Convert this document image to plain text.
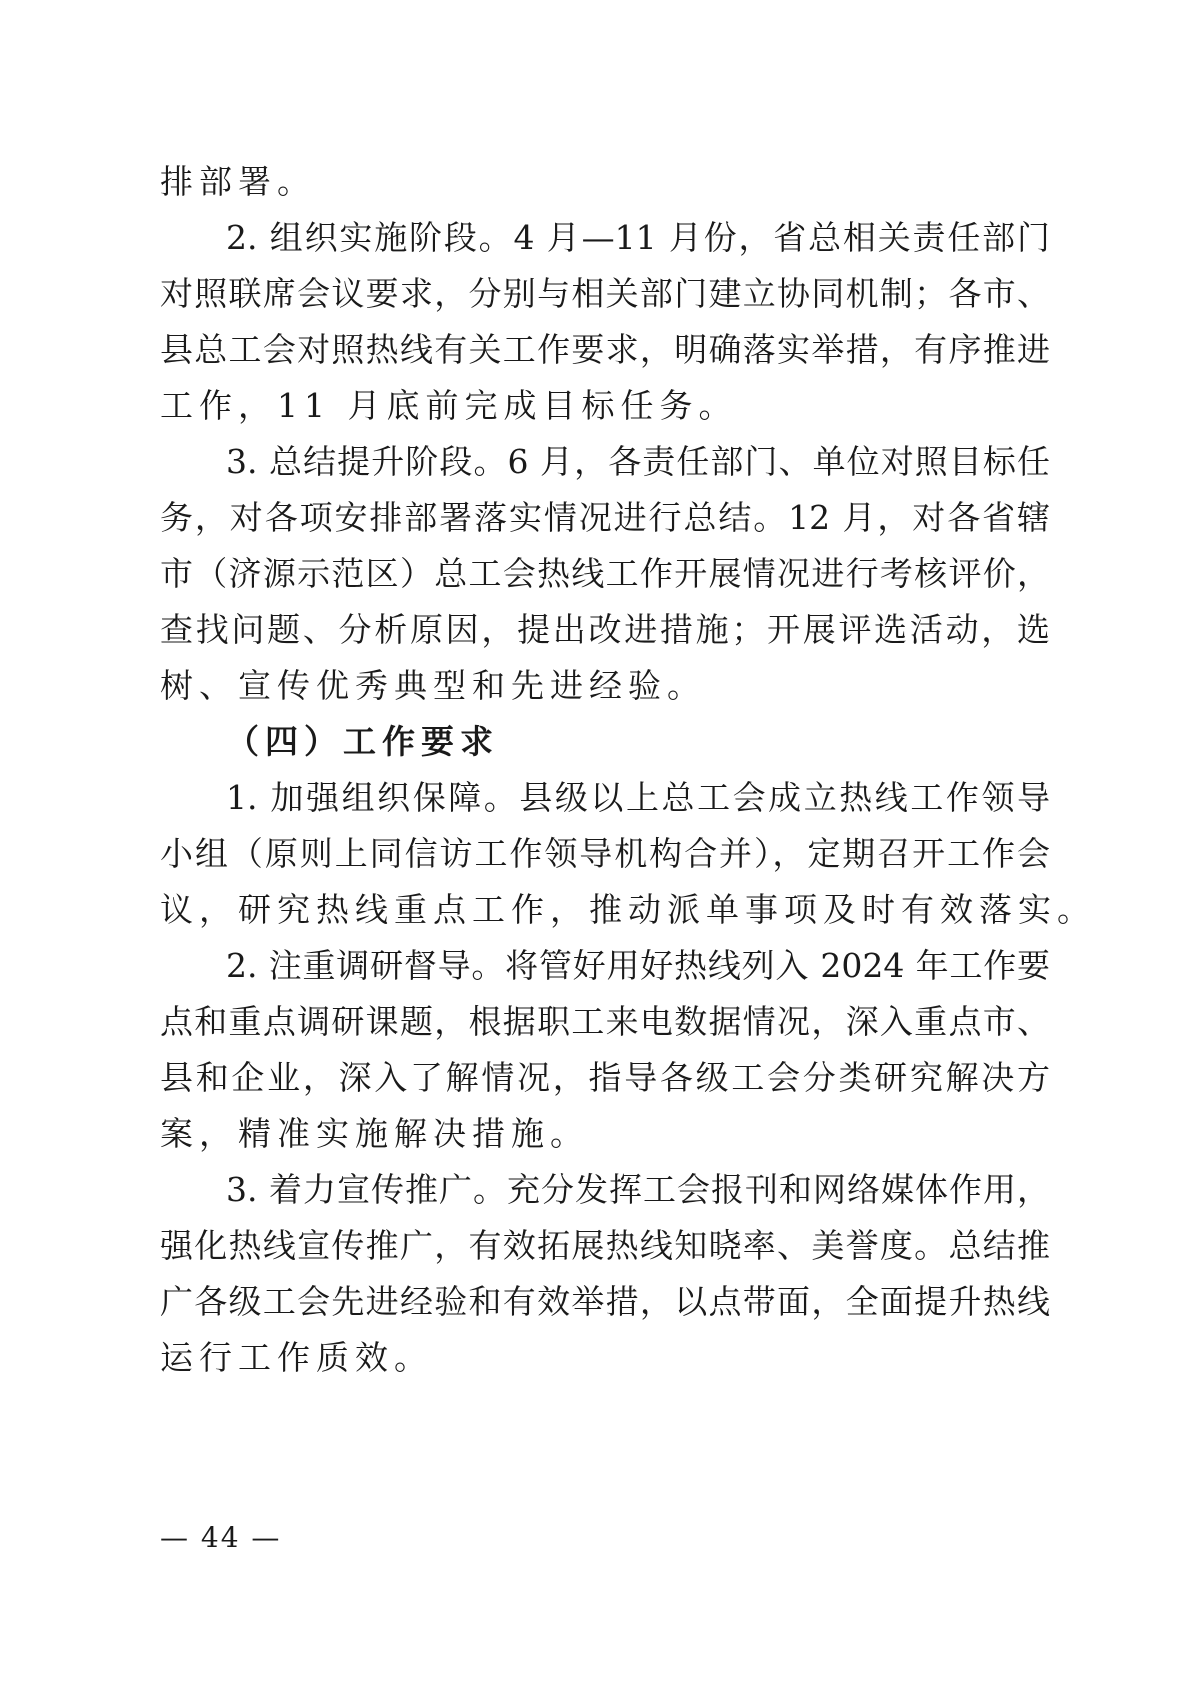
排部署。
2. 组织实施阶段。4 月—11 月份，省总相关责任部门
对照联席会议要求，分别与相关部门建立协同机制；各市、
县总工会对照热线有关工作要求，明确落实举措，有序推进
工作，11 月底前完成目标任务。
3. 总结提升阶段。6 月，各责任部门、单位对照目标任
务，对各项安排部署落实情况进行总结。12 月，对各省辖
市（济源示范区）总工会热线工作开展情况进行考核评价，
查找问题、分析原因，提出改进措施；开展评选活动，选
树、宣传优秀典型和先进经验。
（四）工作要求
1. 加强组织保障。县级以上总工会成立热线工作领导
小组（原则上同信访工作领导机构合并），定期召开工作会
议，研究热线重点工作，推动派单事项及时有效落实。
2. 注重调研督导。将管好用好热线列入 2024 年工作要
点和重点调研课题，根据职工来电数据情况，深入重点市、
县和企业，深入了解情况，指导各级工会分类研究解决方
案，精准实施解决措施。
3. 着力宣传推广。充分发挥工会报刊和网络媒体作用，
强化热线宣传推广，有效拓展热线知晓率、美誉度。总结推
广各级工会先进经验和有效举措，以点带面，全面提升热线
运行工作质效。
— 44 —
